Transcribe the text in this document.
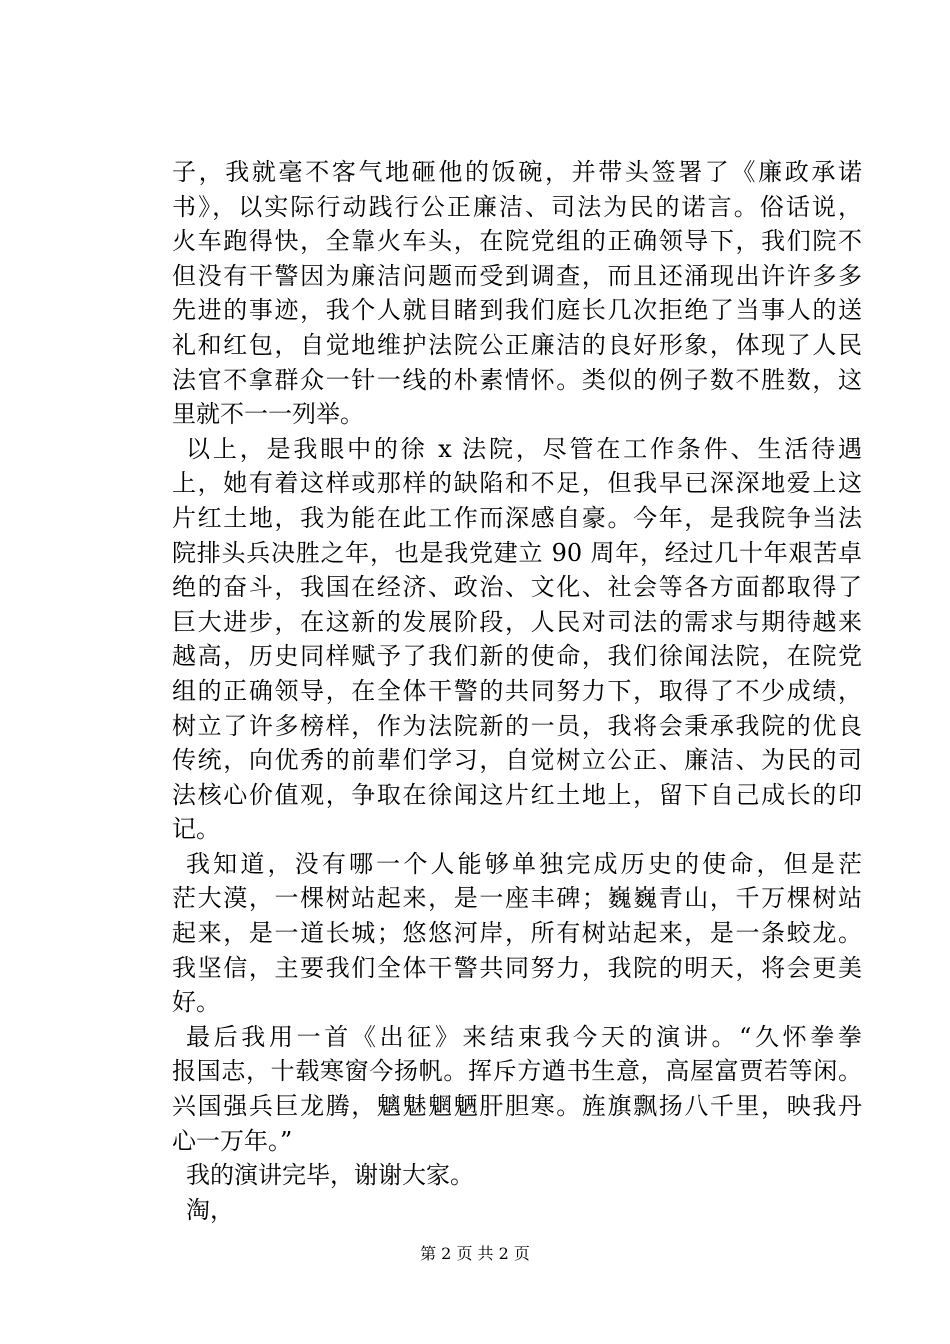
子，我就毫不客气地砸他的饭碗，并带头签署了《廉政承诺
书》，以实际行动践行公正廉洁、司法为民的诺言。俗话说，
火车跑得快，全靠火车头，在院党组的正确领导下，我们院不
但没有干警因为廉洁问题而受到调查，而且还涌现出许许多多
先进的事迹，我个人就目睹到我们庭长几次拒绝了当事人的送
礼和红包，自觉地维护法院公正廉洁的良好形象，体现了人民
法官不拿群众一针一线的朴素情怀。类似的例子数不胜数，这
里就不一一列举。
以上，是我眼中的徐 x 法院，尽管在工作条件、生活待遇
上，她有着这样或那样的缺陷和不足，但我早已深深地爱上这
片红土地，我为能在此工作而深感自豪。今年，是我院争当法
院排头兵决胜之年，也是我党建立 90 周年，经过几十年艰苦卓
绝的奋斗，我国在经济、政治、文化、社会等各方面都取得了
巨大进步，在这新的发展阶段，人民对司法的需求与期待越来
越高，历史同样赋予了我们新的使命，我们徐闻法院，在院党
组的正确领导，在全体干警的共同努力下，取得了不少成绩，
树立了许多榜样，作为法院新的一员，我将会秉承我院的优良
传统，向优秀的前辈们学习，自觉树立公正、廉洁、为民的司
法核心价值观，争取在徐闻这片红土地上，留下自己成长的印
记。
我知道，没有哪一个人能够单独完成历史的使命，但是茫
茫大漠，一棵树站起来，是一座丰碑；巍巍青山，千万棵树站
起来，是一道长城；悠悠河岸，所有树站起来，是一条蛟龙。
我坚信，主要我们全体干警共同努力，我院的明天，将会更美
好。
最后我用一首《出征》来结束我今天的演讲。“久怀拳拳
报国志，十载寒窗今扬帆。挥斥方遒书生意，高屋富贾若等闲。
兴国强兵巨龙腾，魑魅魍魉肝胆寒。旌旗飘扬八千里，映我丹
心一万年。”
我的演讲完毕，谢谢大家。
淘，
第 2 页 共 2 页
